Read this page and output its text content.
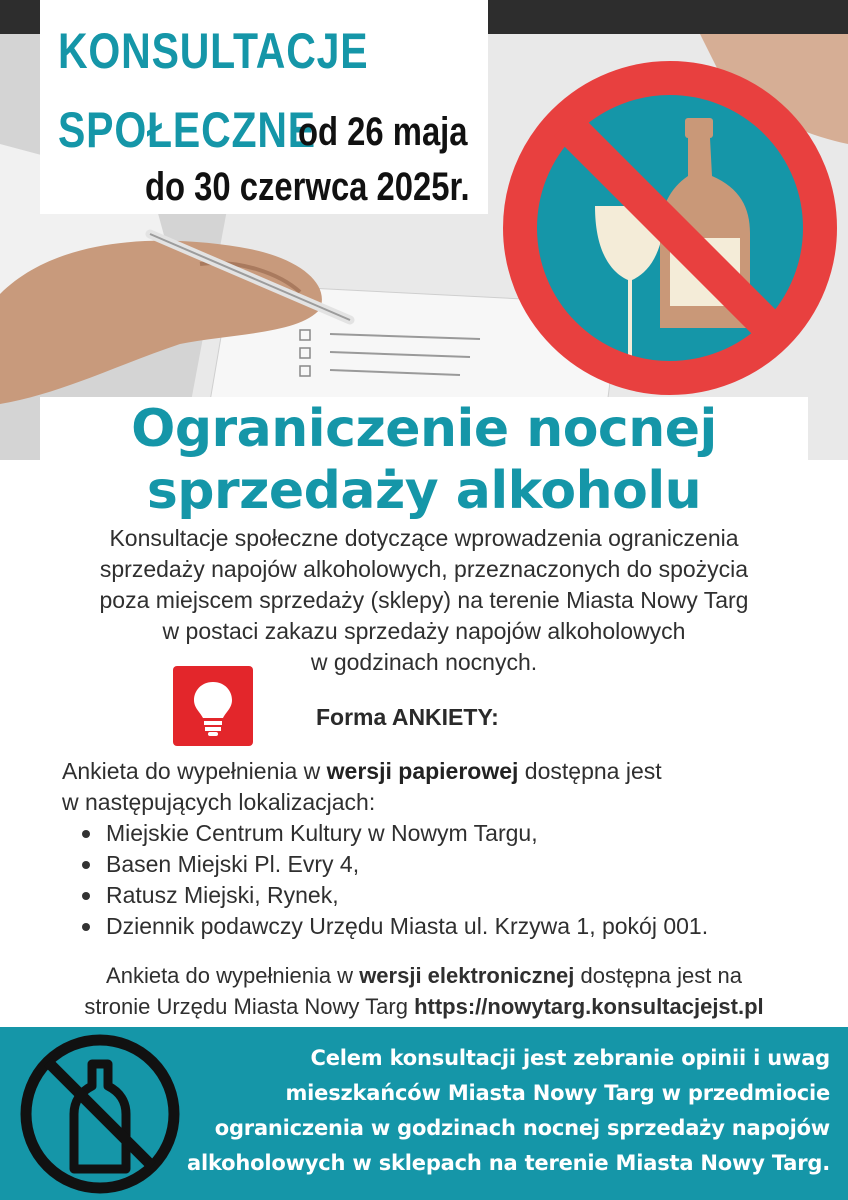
KONSULTACJE
SPOŁECZNE
od 26 maja
do 30 czerwca 2025r.
Ograniczenie nocnej
sprzedaży alkoholu
Konsultacje społeczne dotyczące wprowadzenia ograniczenia
sprzedaży napojów alkoholowych, przeznaczonych do spożycia
poza miejscem sprzedaży (sklepy) na terenie Miasta Nowy Targ
w postaci zakazu sprzedaży napojów alkoholowych
w godzinach nocnych.
Forma ANKIETY:
Ankieta do wypełnienia w wersji papierowej dostępna jest
w następujących lokalizacjach:
Miejskie Centrum Kultury w Nowym Targu,
Basen Miejski Pl. Evry 4,
Ratusz Miejski, Rynek,
Dziennik podawczy Urzędu Miasta ul. Krzywa 1, pokój 001.
Ankieta do wypełnienia w wersji elektronicznej dostępna jest na
stronie Urzędu Miasta Nowy Targ https://nowytarg.konsultacjejst.pl
Celem konsultacji jest zebranie opinii i uwag
mieszkańców Miasta Nowy Targ w przedmiocie
ograniczenia w godzinach nocnej sprzedaży napojów
alkoholowych w sklepach na terenie Miasta Nowy Targ.
